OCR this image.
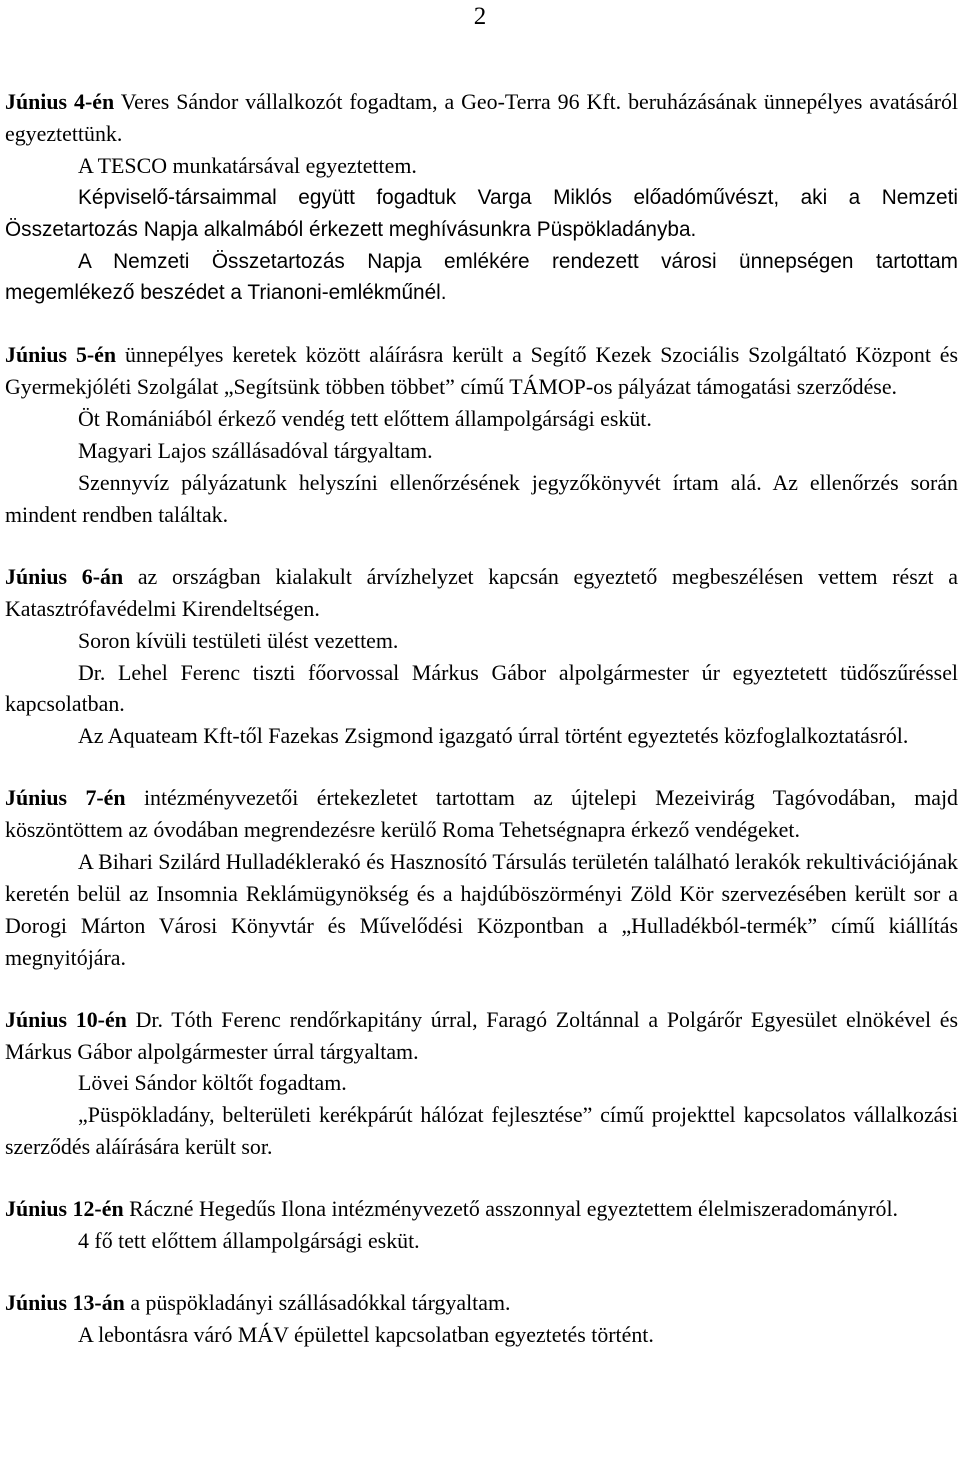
2

Június 4-én Veres Sándor vállalkozót fogadtam, a Geo-Terra 96 Kft. beruházásának ünnepélyes avatásáról egyeztettünk.

A TESCO munkatársával egyeztettem.

Képviselő-társaimmal együtt fogadtuk Varga Miklós előadóművészt, aki a Nemzeti Összetartozás Napja alkalmából érkezett meghívásunkra Püspökladányba.

A Nemzeti Összetartozás Napja emlékére rendezett városi ünnepségen tartottam megemlékező beszédet a Trianoni-emlékműnél.

Június 5-én ünnepélyes keretek között aláírásra került a Segítő Kezek Szociális Szolgáltató Központ és Gyermekjóléti Szolgálat „Segítsünk többen többet” című TÁMOP-os pályázat támogatási szerződése.

Öt Romániából érkező vendég tett előttem állampolgársági esküt.

Magyari Lajos szállásadóval tárgyaltam.

Szennyvíz pályázatunk helyszíni ellenőrzésének jegyzőkönyvét írtam alá. Az ellenőrzés során mindent rendben találtak.

Június 6-án az országban kialakult árvízhelyzet kapcsán egyeztető megbeszélésen vettem részt a Katasztrófavédelmi Kirendeltségen.

Soron kívüli testületi ülést vezettem.

Dr. Lehel Ferenc tiszti főorvossal Márkus Gábor alpolgármester úr egyeztetett tüdőszűréssel kapcsolatban.

Az Aquateam Kft-től Fazekas Zsigmond igazgató úrral történt egyeztetés közfoglalkoztatásról.

Június 7-én intézményvezetői értekezletet tartottam az újtelepi Mezeivirág Tagóvodában, majd köszöntöttem az óvodában megrendezésre kerülő Roma Tehetségnapra érkező vendégeket.

A Bihari Szilárd Hulladéklerakó és Hasznosító Társulás területén található lerakók rekultivációjának keretén belül az Insomnia Reklámügynökség és a hajdúböszörményi Zöld Kör szervezésében került sor a Dorogi Márton Városi Könyvtár és Művelődési Központban a „Hulladékból-termék” című kiállítás megnyitójára.

Június 10-én Dr. Tóth Ferenc rendőrkapitány úrral, Faragó Zoltánnal a Polgárőr Egyesület elnökével és Márkus Gábor alpolgármester úrral tárgyaltam.

Lövei Sándor költőt fogadtam.

„Püspökladány, belterületi kerékpárút hálózat fejlesztése” című projekttel kapcsolatos vállalkozási szerződés aláírására került sor.

Június 12-én Ráczné Hegedűs Ilona intézményvezető asszonnyal egyeztettem élelmiszeradományról.

4 fő tett előttem állampolgársági esküt.

Június 13-án a püspökladányi szállásadókkal tárgyaltam.

A lebontásra váró MÁV épülettel kapcsolatban egyeztetés történt.
